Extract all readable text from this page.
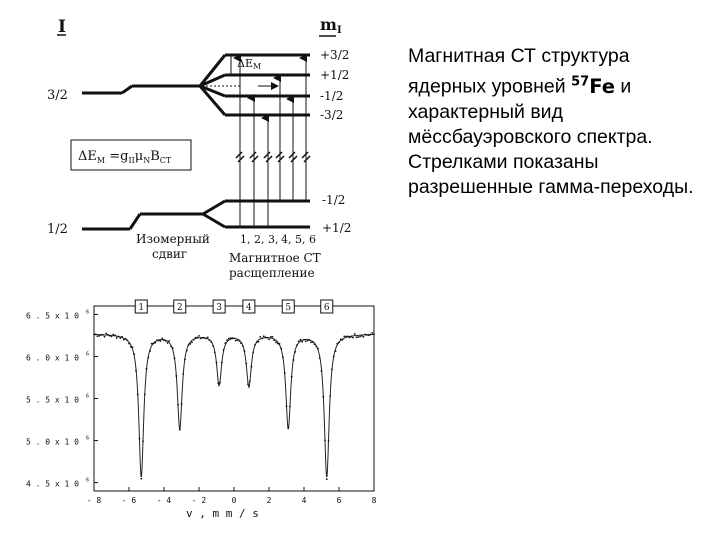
Магнитная СТ структура ядерных уровней $^{57}$Fe и характерный вид мёссбауэровского спектра. Стрелками показаны разрешенные гамма-переходы.
I	mI
3/2
1/2
+3/2
+1/2
-1/2
-3/2
-1/2
+1/2
ΔEM
$\Delta E_M =g_{II}\mu_NB_{CT}$
1, 2, 3, 4, 5, 6
Изомерный
сдвиг	Магнитное СТ
расщепление
1	2	3	4	5	6
6 . 5 x 1 0 6
6 . 0 x 1 0 6
5 . 5 x 1 0 6
5 . 0 x 1 0 6
4 . 5 x 1 0 6
- 8	- 6	- 4	- 2	0	2	4	6	8
v , m m / s
